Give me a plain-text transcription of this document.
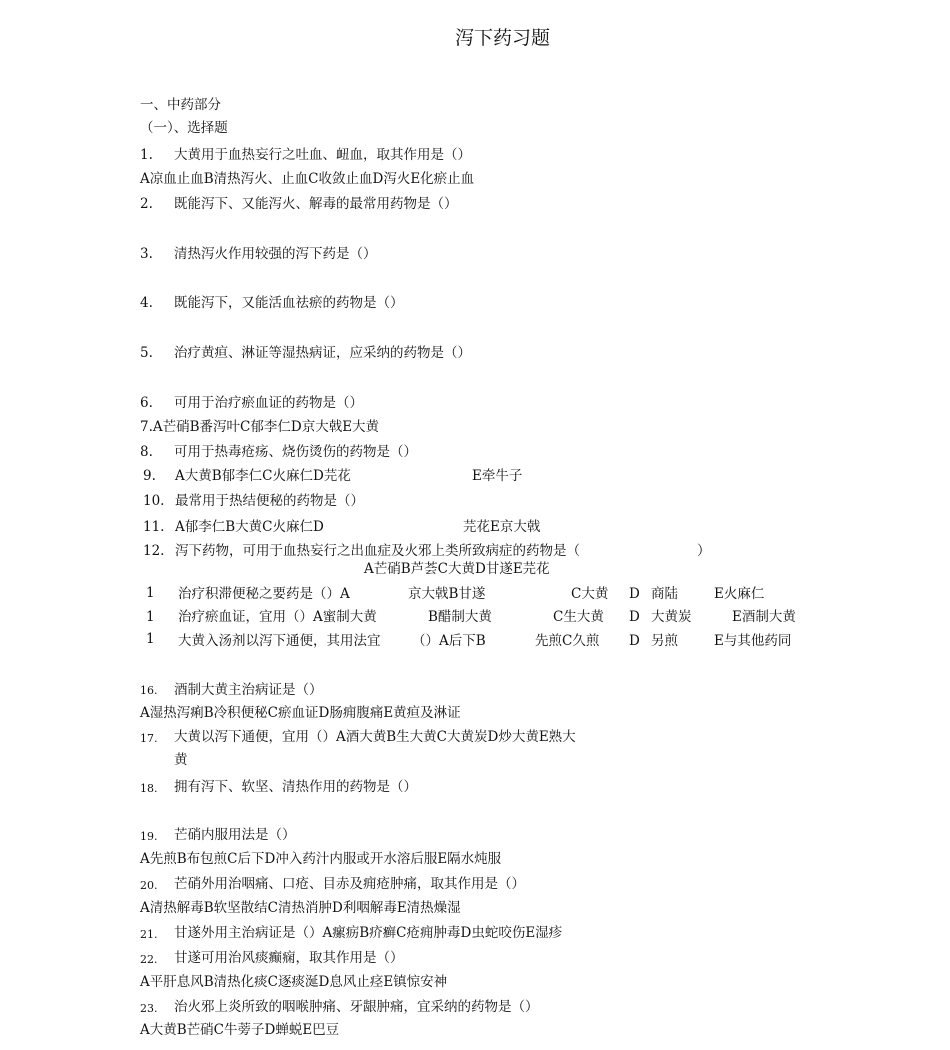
泻下药习题
一、中药部分
（一）、选择题
1. 大黄用于血热妄行之吐血、衄血，取其作用是（）
A凉血止血B清热泻火、止血C收敛止血D泻火E化瘀止血
2. 既能泻下、又能泻火、解毒的最常用药物是（）
3. 清热泻火作用较强的泻下药是（）
4. 既能泻下，又能活血祛瘀的药物是（）
5. 治疗黄疸、淋证等湿热病证，应采纳的药物是（）
6. 可用于治疗瘀血证的药物是（）
7.A芒硝B番泻叶C郁李仁D京大戟E大黄
8. 可用于热毒疮疡、烧伤烫伤的药物是（）
9. A大黄B郁李仁C火麻仁D芫花	E牵牛子
10. 最常用于热结便秘的药物是（）
11. A郁李仁B大黄C火麻仁D	芫花E京大戟
12. 泻下药物，可用于血热妄行之出血症及火邪上类所致病症的药物是（	）
A芒硝B芦荟C大黄D甘遂E芫花
1 治疗积滞便秘之要药是（）A	京大戟B甘遂	C大黄 D 商陆	E火麻仁
1 治疗瘀血证，宜用（）A蜜制大黄	B醋制大黄	C生大黄 D 大黄炭	E酒制大黄
1 大黄入汤剂以泻下通便，其用法宜 （）A后下B	先煎C久煎 D 另煎	E与其他药同
16. 酒制大黄主治病证是（）
A湿热泻痢B冷积便秘C瘀血证D肠痈腹痛E黄疸及淋证
17. 大黄以泻下通便，宜用（）A酒大黄B生大黄C大黄炭D炒大黄E熟大
黄
18. 拥有泻下、软坚、清热作用的药物是（）
19. 芒硝内服用法是（）
A先煎B布包煎C后下D冲入药汁内服或开水溶后服E隔水炖服
20. 芒硝外用治咽痛、口疮、目赤及痈疮肿痛，取其作用是（）
A清热解毒B软坚散结C清热消肿D利咽解毒E清热燥湿
21. 甘遂外用主治病证是（）A瘰疬B疥癣C疮痈肿毒D虫蛇咬伤E湿疹
22. 甘遂可用治风痰癫痫，取其作用是（）
A平肝息风B清热化痰C逐痰涎D息风止痉E镇惊安神
23. 治火邪上炎所致的咽喉肿痛、牙龈肿痛，宜采纳的药物是（）
A大黄B芒硝C牛蒡子D蝉蜕E巴豆
